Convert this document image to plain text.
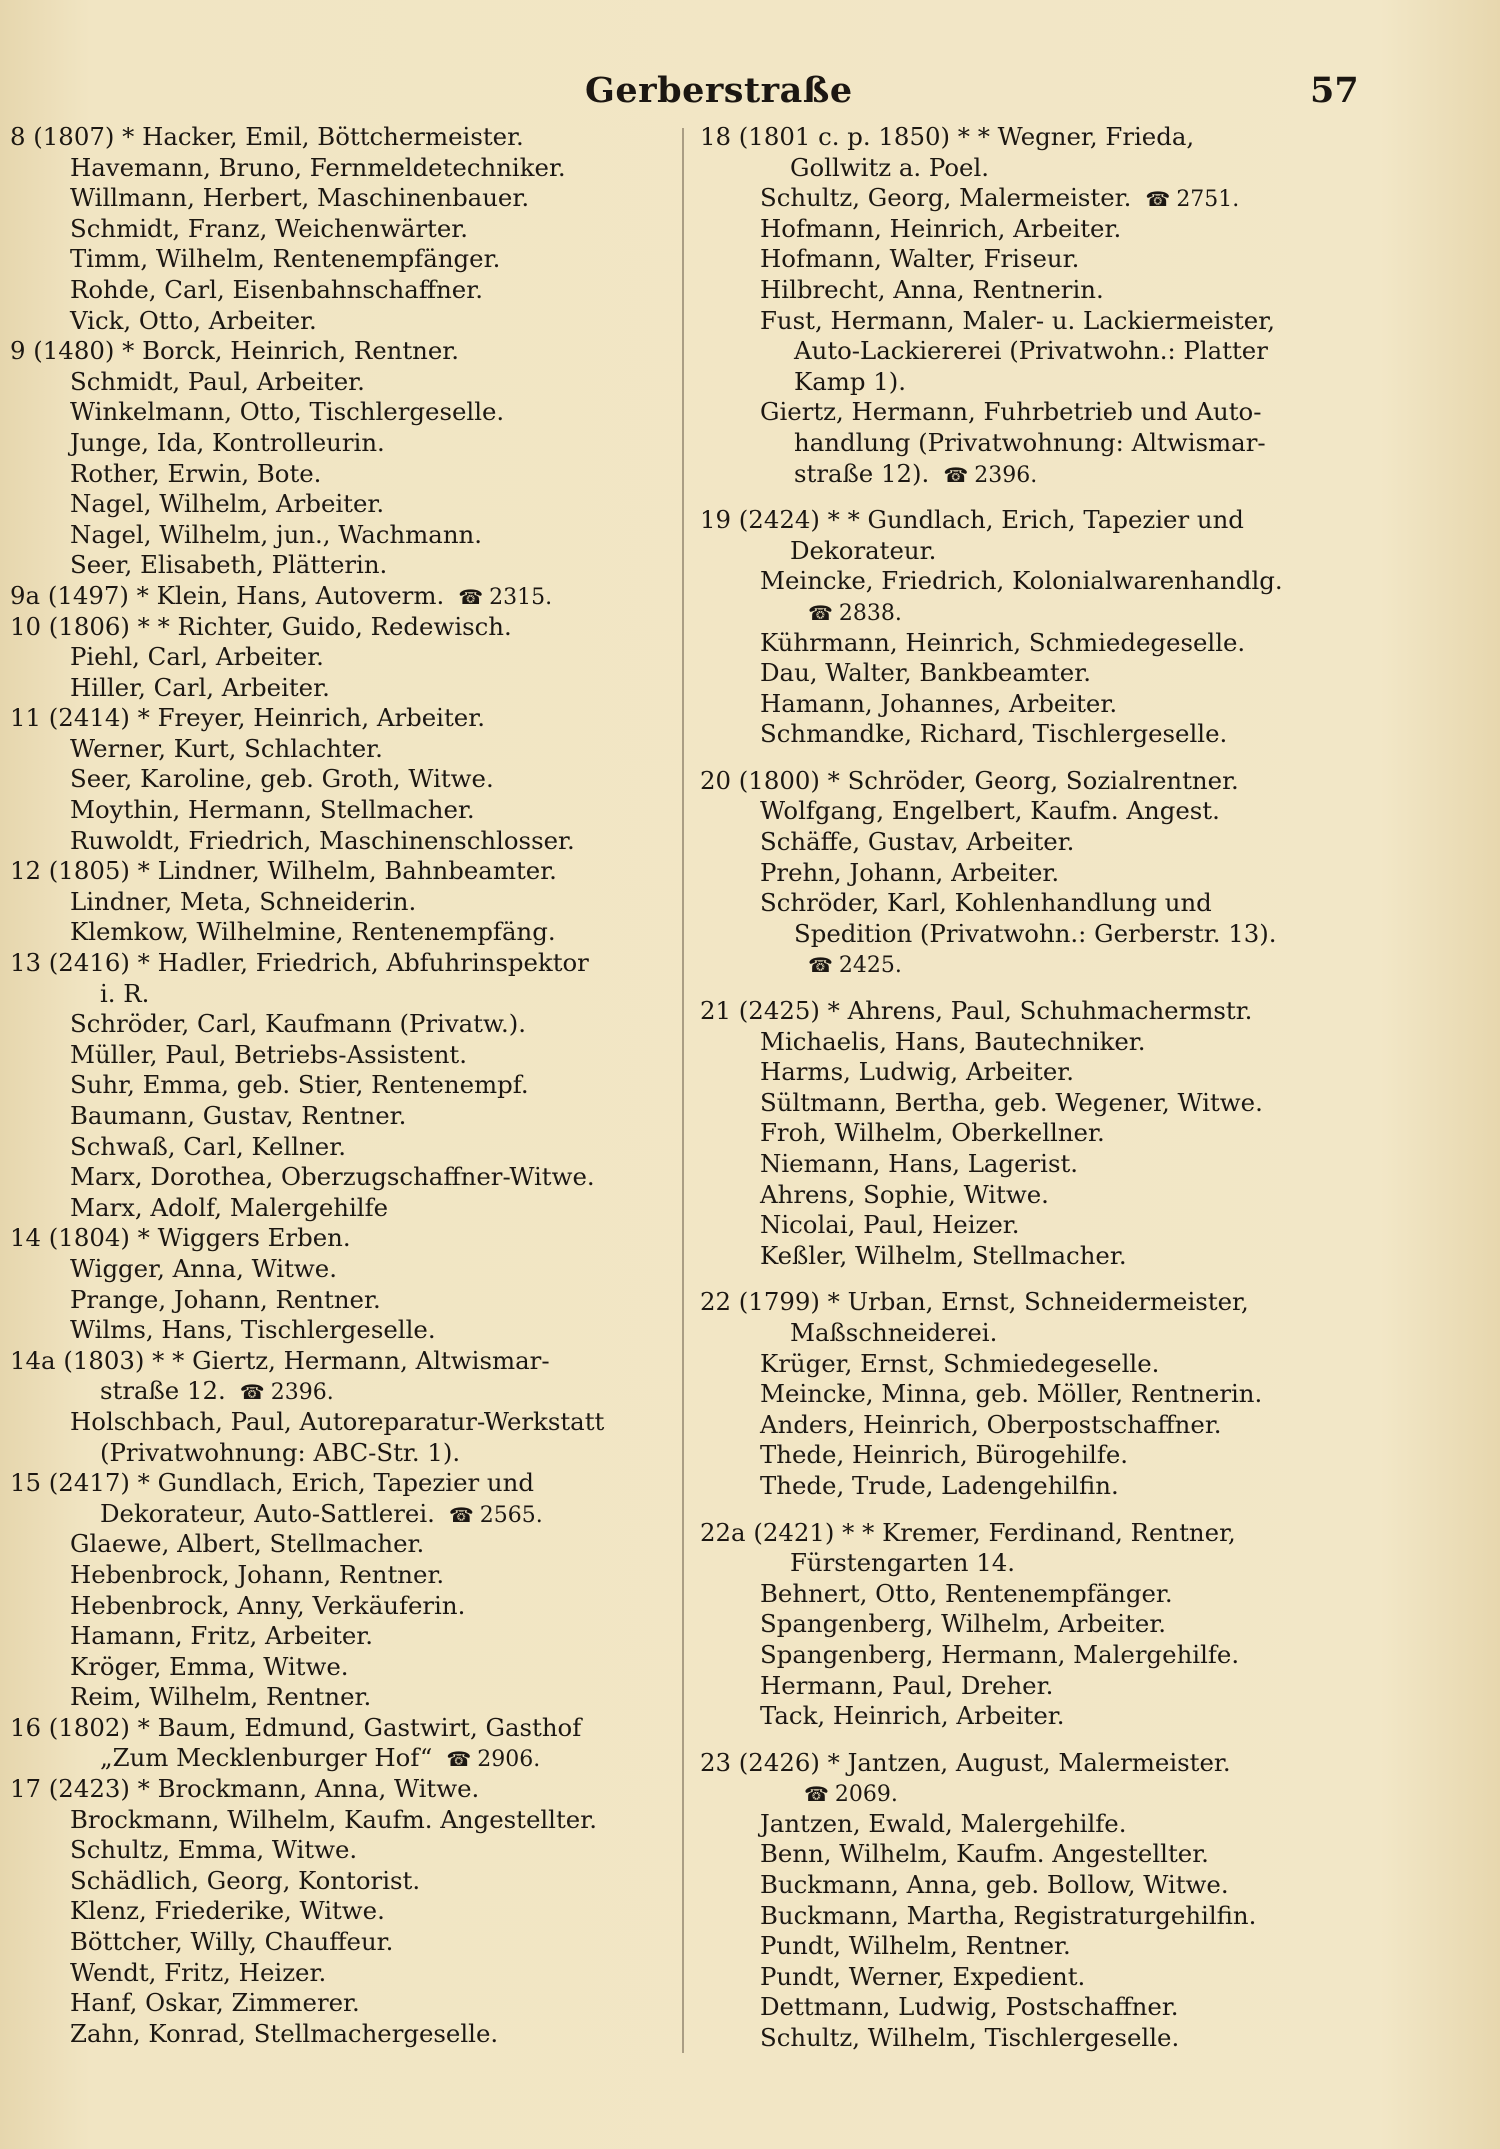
Gerberstraße	57
8 (1807) * Hacker, Emil, Böttchermeister.
Havemann, Bruno, Fernmeldetechniker.
Willmann, Herbert, Maschinenbauer.
Schmidt, Franz, Weichenwärter.
Timm, Wilhelm, Rentenempfänger.
Rohde, Carl, Eisenbahnschaffner.
Vick, Otto, Arbeiter.
9 (1480) * Borck, Heinrich, Rentner.
Schmidt, Paul, Arbeiter.
Winkelmann, Otto, Tischlergeselle.
Junge, Ida, Kontrolleurin.
Rother, Erwin, Bote.
Nagel, Wilhelm, Arbeiter.
Nagel, Wilhelm, jun., Wachmann.
Seer, Elisabeth, Plätterin.
9a (1497) * Klein, Hans, Autoverm. ☎ 2315.
10 (1806) * * Richter, Guido, Redewisch.
Piehl, Carl, Arbeiter.
Hiller, Carl, Arbeiter.
11 (2414) * Freyer, Heinrich, Arbeiter.
Werner, Kurt, Schlachter.
Seer, Karoline, geb. Groth, Witwe.
Moythin, Hermann, Stellmacher.
Ruwoldt, Friedrich, Maschinenschlosser.
12 (1805) * Lindner, Wilhelm, Bahnbeamter.
Lindner, Meta, Schneiderin.
Klemkow, Wilhelmine, Rentenempfäng.
13 (2416) * Hadler, Friedrich, Abfuhrinspektor
i. R.
Schröder, Carl, Kaufmann (Privatw.).
Müller, Paul, Betriebs-Assistent.
Suhr, Emma, geb. Stier, Rentenempf.
Baumann, Gustav, Rentner.
Schwaß, Carl, Kellner.
Marx, Dorothea, Oberzugschaffner-Witwe.
Marx, Adolf, Malergehilfe
14 (1804) * Wiggers Erben.
Wigger, Anna, Witwe.
Prange, Johann, Rentner.
Wilms, Hans, Tischlergeselle.
14a (1803) * * Giertz, Hermann, Altwismar-
straße 12. ☎ 2396.
Holschbach, Paul, Autoreparatur-Werkstatt
(Privatwohnung: ABC-Str. 1).
15 (2417) * Gundlach, Erich, Tapezier und
Dekorateur, Auto-Sattlerei. ☎ 2565.
Glaewe, Albert, Stellmacher.
Hebenbrock, Johann, Rentner.
Hebenbrock, Anny, Verkäuferin.
Hamann, Fritz, Arbeiter.
Kröger, Emma, Witwe.
Reim, Wilhelm, Rentner.
16 (1802) * Baum, Edmund, Gastwirt, Gasthof
„Zum Mecklenburger Hof“ ☎ 2906.
17 (2423) * Brockmann, Anna, Witwe.
Brockmann, Wilhelm, Kaufm. Angestellter.
Schultz, Emma, Witwe.
Schädlich, Georg, Kontorist.
Klenz, Friederike, Witwe.
Böttcher, Willy, Chauffeur.
Wendt, Fritz, Heizer.
Hanf, Oskar, Zimmerer.
Zahn, Konrad, Stellmachergeselle.
18 (1801 c. p. 1850) * * Wegner, Frieda,
Gollwitz a. Poel.
Schultz, Georg, Malermeister. ☎ 2751.
Hofmann, Heinrich, Arbeiter.
Hofmann, Walter, Friseur.
Hilbrecht, Anna, Rentnerin.
Fust, Hermann, Maler- u. Lackiermeister,
Auto-Lackiererei (Privatwohn.: Platter
Kamp 1).
Giertz, Hermann, Fuhrbetrieb und Auto-
handlung (Privatwohnung: Altwismar-
straße 12). ☎ 2396.
19 (2424) * * Gundlach, Erich, Tapezier und
Dekorateur.
Meincke, Friedrich, Kolonialwarenhandlg.
☎ 2838.
Kührmann, Heinrich, Schmiedegeselle.
Dau, Walter, Bankbeamter.
Hamann, Johannes, Arbeiter.
Schmandke, Richard, Tischlergeselle.
20 (1800) * Schröder, Georg, Sozialrentner.
Wolfgang, Engelbert, Kaufm. Angest.
Schäffe, Gustav, Arbeiter.
Prehn, Johann, Arbeiter.
Schröder, Karl, Kohlenhandlung und
Spedition (Privatwohn.: Gerberstr. 13).
☎ 2425.
21 (2425) * Ahrens, Paul, Schuhmachermstr.
Michaelis, Hans, Bautechniker.
Harms, Ludwig, Arbeiter.
Sültmann, Bertha, geb. Wegener, Witwe.
Froh, Wilhelm, Oberkellner.
Niemann, Hans, Lagerist.
Ahrens, Sophie, Witwe.
Nicolai, Paul, Heizer.
Keßler, Wilhelm, Stellmacher.
22 (1799) * Urban, Ernst, Schneidermeister,
Maßschneiderei.
Krüger, Ernst, Schmiedegeselle.
Meincke, Minna, geb. Möller, Rentnerin.
Anders, Heinrich, Oberpostschaffner.
Thede, Heinrich, Bürogehilfe.
Thede, Trude, Ladengehilfin.
22a (2421) * * Kremer, Ferdinand, Rentner,
Fürstengarten 14.
Behnert, Otto, Rentenempfänger.
Spangenberg, Wilhelm, Arbeiter.
Spangenberg, Hermann, Malergehilfe.
Hermann, Paul, Dreher.
Tack, Heinrich, Arbeiter.
23 (2426) * Jantzen, August, Malermeister.
☎ 2069.
Jantzen, Ewald, Malergehilfe.
Benn, Wilhelm, Kaufm. Angestellter.
Buckmann, Anna, geb. Bollow, Witwe.
Buckmann, Martha, Registraturgehilfin.
Pundt, Wilhelm, Rentner.
Pundt, Werner, Expedient.
Dettmann, Ludwig, Postschaffner.
Schultz, Wilhelm, Tischlergeselle.
